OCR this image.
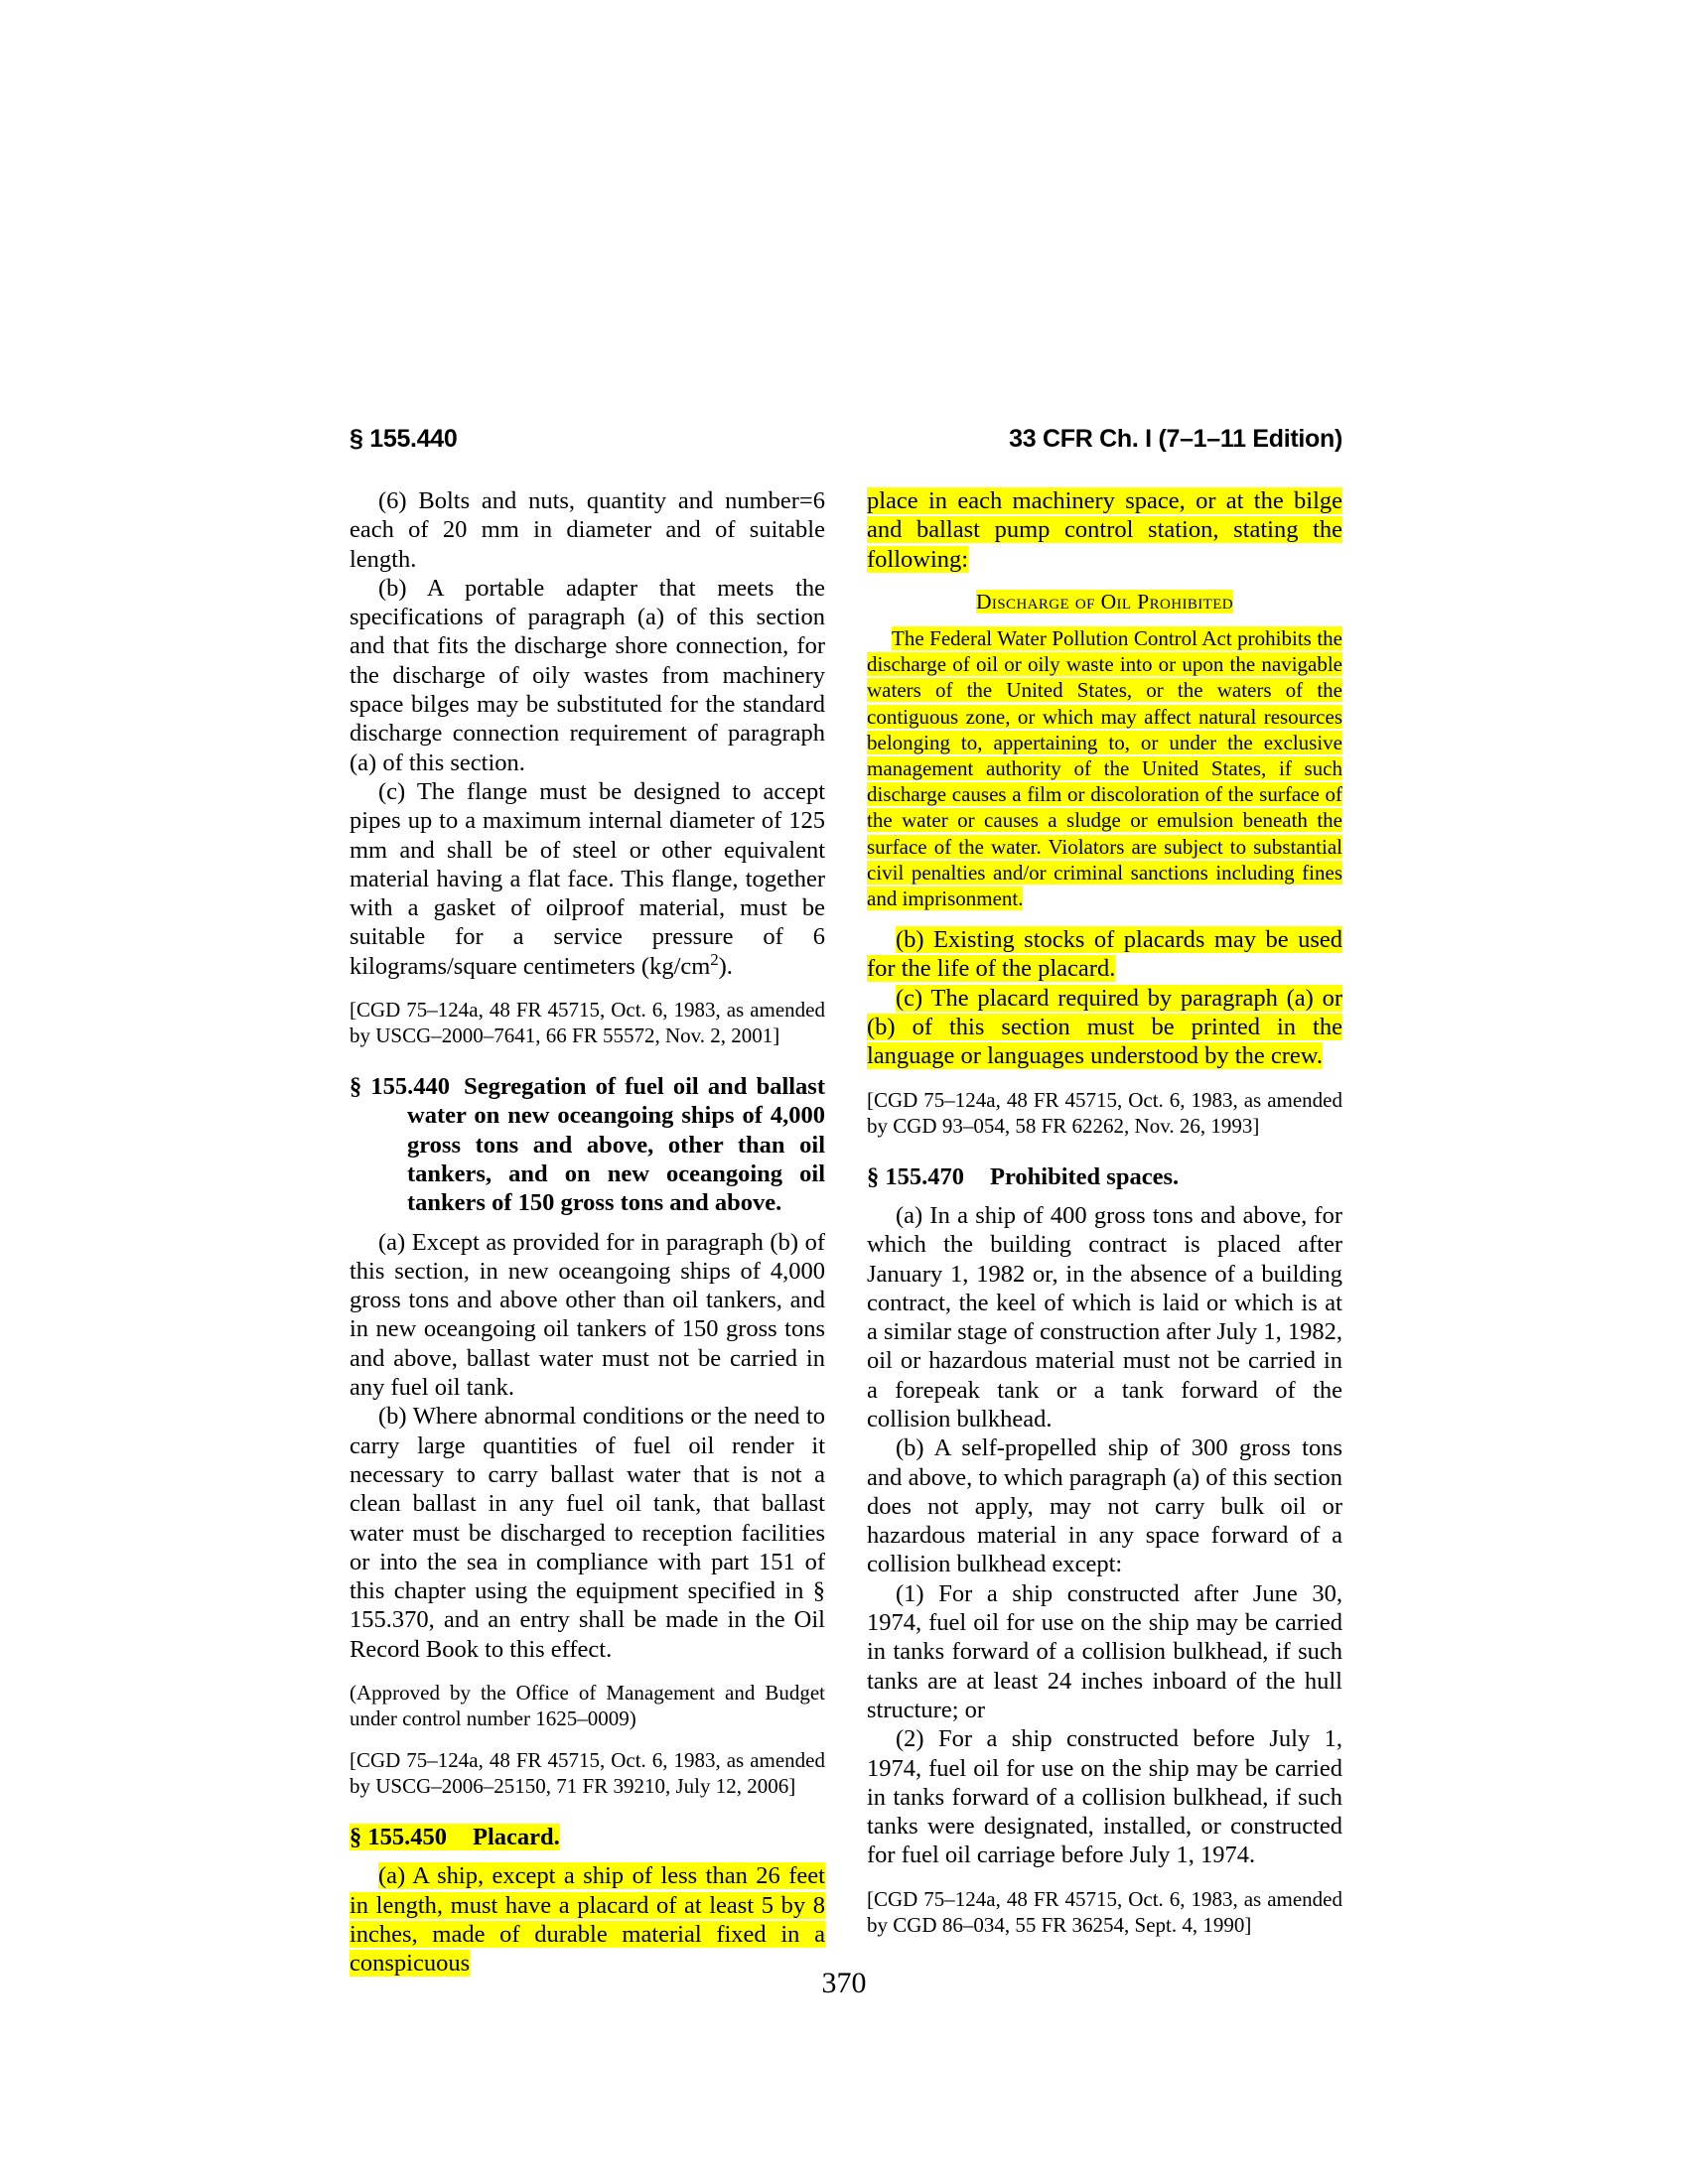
§ 155.440	33 CFR Ch. I (7–1–11 Edition)

(6) Bolts and nuts, quantity and number=6 each of 20 mm in diameter and of suitable length.

(b) A portable adapter that meets the specifications of paragraph (a) of this section and that fits the discharge shore connection, for the discharge of oily wastes from machinery space bilges may be substituted for the standard discharge connection requirement of paragraph (a) of this section.

(c) The flange must be designed to accept pipes up to a maximum internal diameter of 125 mm and shall be of steel or other equivalent material having a flat face. This flange, together with a gasket of oilproof material, must be suitable for a service pressure of 6 kilograms/square centimeters $(kg/cm^2)$.

[CGD 75–124a, 48 FR 45715, Oct. 6, 1983, as amended by USCG–2000–7641, 66 FR 55572, Nov. 2, 2001]

§ 155.440 Segregation of fuel oil and ballast water on new oceangoing ships of 4,000 gross tons and above, other than oil tankers, and on new oceangoing oil tankers of 150 gross tons and above.

(a) Except as provided for in paragraph (b) of this section, in new oceangoing ships of 4,000 gross tons and above other than oil tankers, and in new oceangoing oil tankers of 150 gross tons and above, ballast water must not be carried in any fuel oil tank.

(b) Where abnormal conditions or the need to carry large quantities of fuel oil render it necessary to carry ballast water that is not a clean ballast in any fuel oil tank, that ballast water must be discharged to reception facilities or into the sea in compliance with part 151 of this chapter using the equipment specified in § 155.370, and an entry shall be made in the Oil Record Book to this effect.

(Approved by the Office of Management and Budget under control number 1625–0009)

[CGD 75–124a, 48 FR 45715, Oct. 6, 1983, as amended by USCG–2006–25150, 71 FR 39210, July 12, 2006]

§ 155.450 Placard.

(a) A ship, except a ship of less than 26 feet in length, must have a placard of at least 5 by 8 inches, made of durable material fixed in a conspicuous

place in each machinery space, or at the bilge and ballast pump control station, stating the following:

Discharge of Oil Prohibited

The Federal Water Pollution Control Act prohibits the discharge of oil or oily waste into or upon the navigable waters of the United States, or the waters of the contiguous zone, or which may affect natural resources belonging to, appertaining to, or under the exclusive management authority of the United States, if such discharge causes a film or discoloration of the surface of the water or causes a sludge or emulsion beneath the surface of the water. Violators are subject to substantial civil penalties and/or criminal sanctions including fines and imprisonment.

(b) Existing stocks of placards may be used for the life of the placard.

(c) The placard required by paragraph (a) or (b) of this section must be printed in the language or languages understood by the crew.

[CGD 75–124a, 48 FR 45715, Oct. 6, 1983, as amended by CGD 93–054, 58 FR 62262, Nov. 26, 1993]

§ 155.470 Prohibited spaces.

(a) In a ship of 400 gross tons and above, for which the building contract is placed after January 1, 1982 or, in the absence of a building contract, the keel of which is laid or which is at a similar stage of construction after July 1, 1982, oil or hazardous material must not be carried in a forepeak tank or a tank forward of the collision bulkhead.

(b) A self-propelled ship of 300 gross tons and above, to which paragraph (a) of this section does not apply, may not carry bulk oil or hazardous material in any space forward of a collision bulkhead except:

(1) For a ship constructed after June 30, 1974, fuel oil for use on the ship may be carried in tanks forward of a collision bulkhead, if such tanks are at least 24 inches inboard of the hull structure; or

(2) For a ship constructed before July 1, 1974, fuel oil for use on the ship may be carried in tanks forward of a collision bulkhead, if such tanks were designated, installed, or constructed for fuel oil carriage before July 1, 1974.

[CGD 75–124a, 48 FR 45715, Oct. 6, 1983, as amended by CGD 86–034, 55 FR 36254, Sept. 4, 1990]

370
